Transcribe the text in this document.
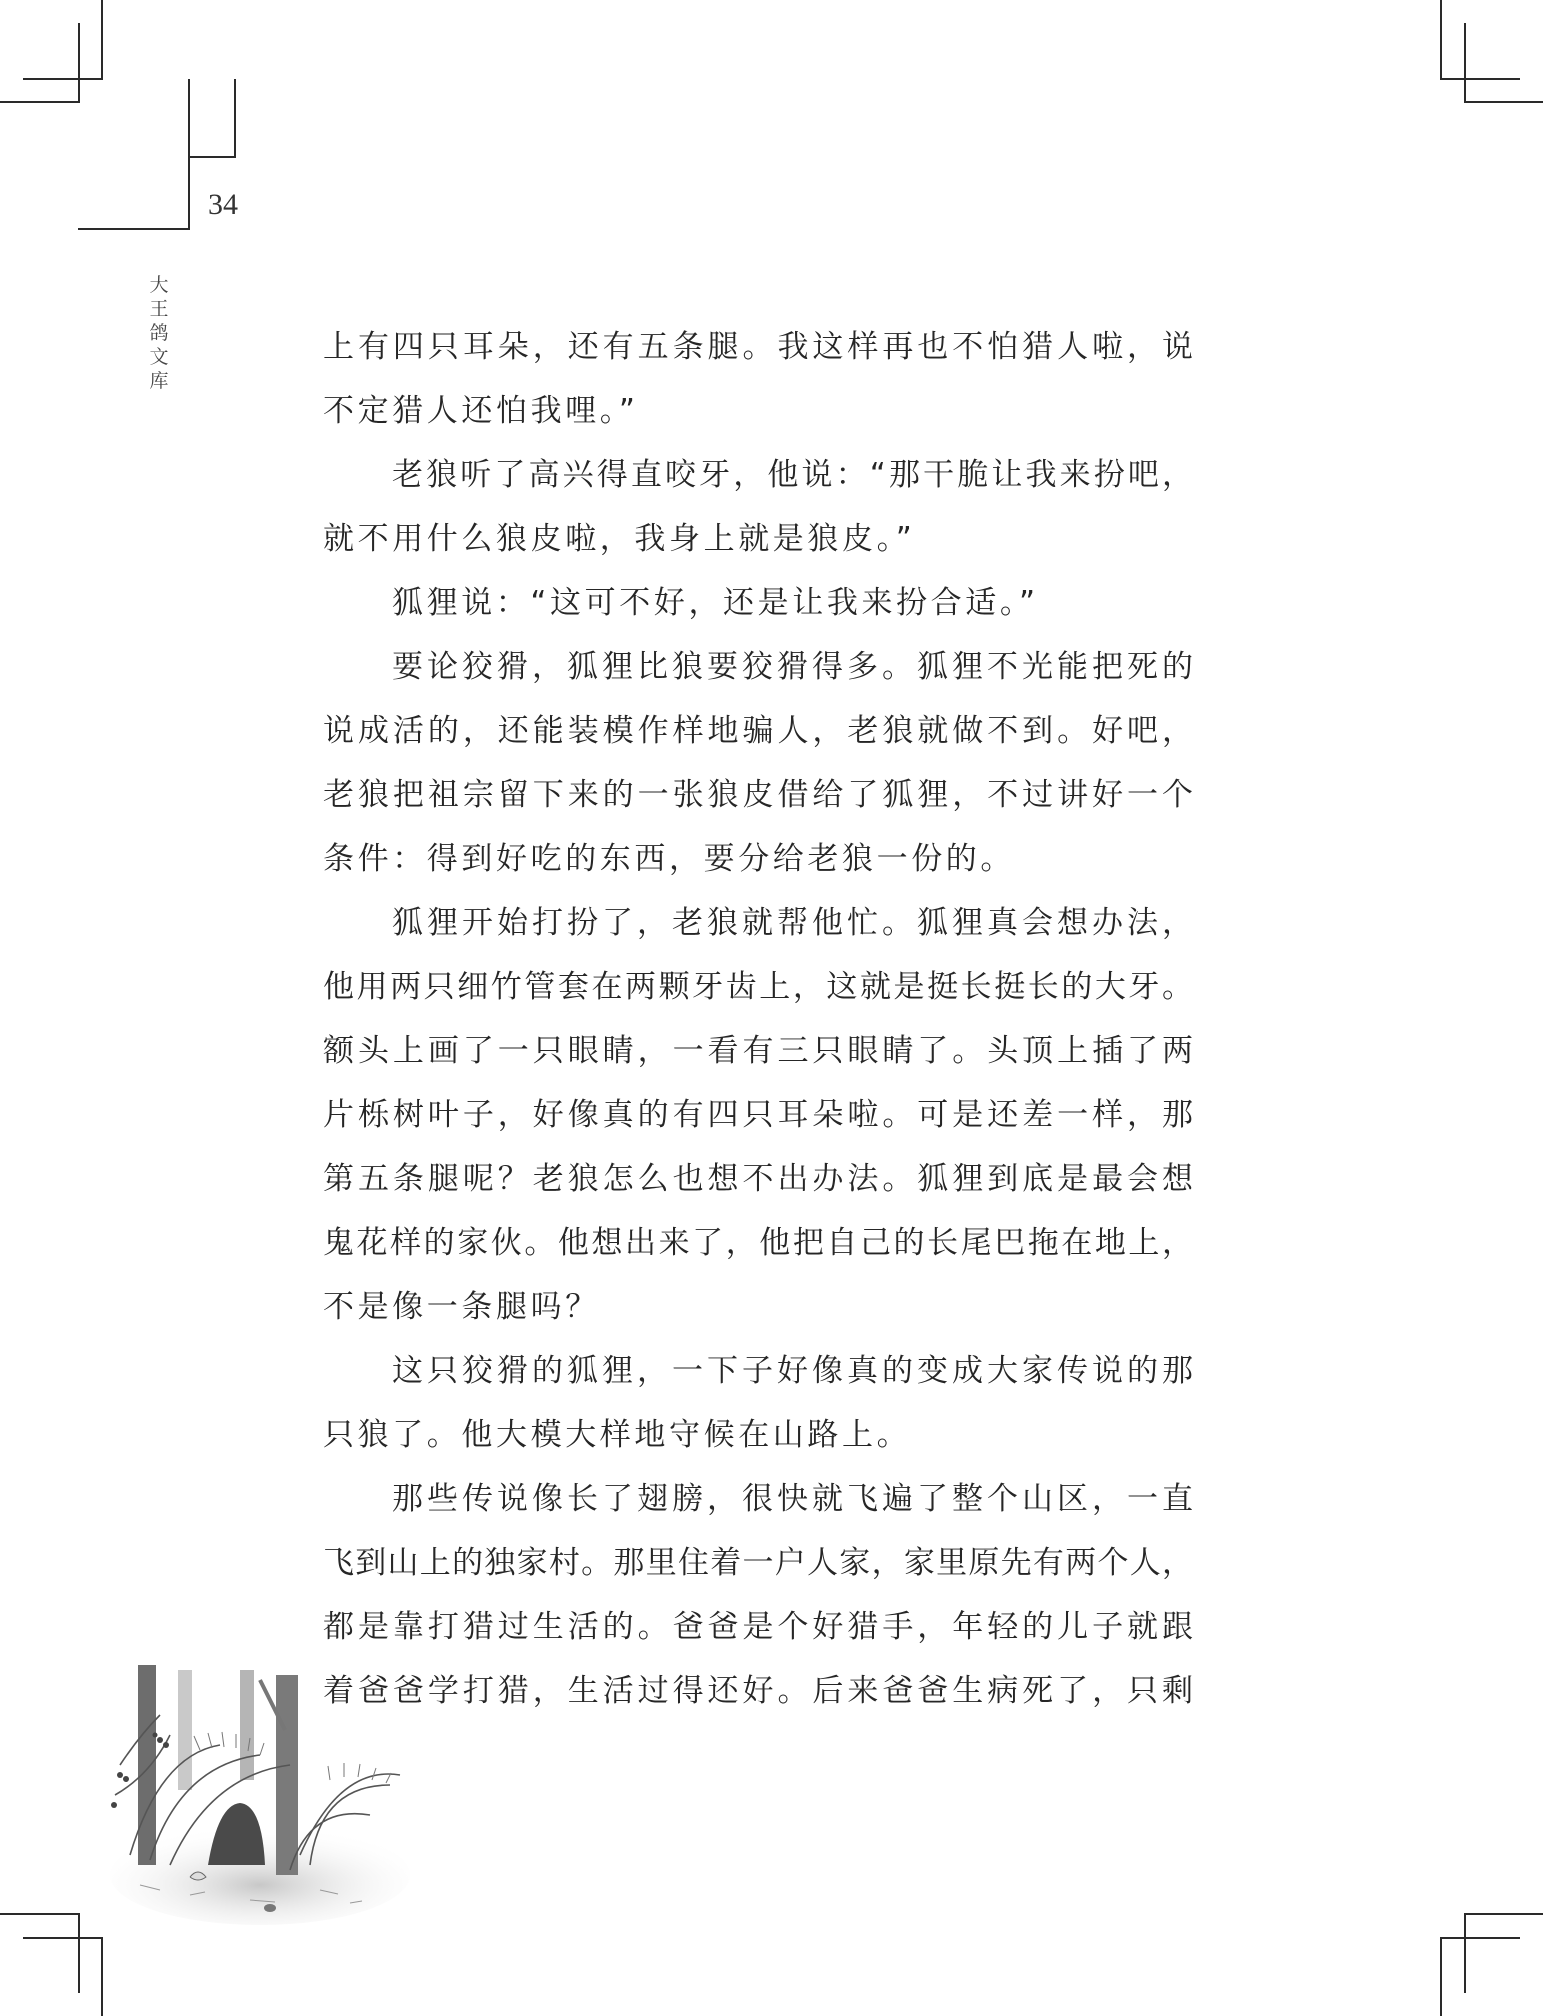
34
大王鸽文库
上有四只耳朵，还有五条腿。我这样再也不怕猎人啦，说
不定猎人还怕我哩。”
老狼听了高兴得直咬牙，他说：“那干脆让我来扮吧，
就不用什么狼皮啦，我身上就是狼皮。”
狐狸说：“这可不好，还是让我来扮合适。”
要论狡猾，狐狸比狼要狡猾得多。狐狸不光能把死的
说成活的，还能装模作样地骗人，老狼就做不到。好吧，
老狼把祖宗留下来的一张狼皮借给了狐狸，不过讲好一个
条件：得到好吃的东西，要分给老狼一份的。
狐狸开始打扮了，老狼就帮他忙。狐狸真会想办法，
他用两只细竹管套在两颗牙齿上，这就是挺长挺长的大牙。
额头上画了一只眼睛，一看有三只眼睛了。头顶上插了两
片栎树叶子，好像真的有四只耳朵啦。可是还差一样，那
第五条腿呢？老狼怎么也想不出办法。狐狸到底是最会想
鬼花样的家伙。他想出来了，他把自己的长尾巴拖在地上，
不是像一条腿吗？
这只狡猾的狐狸，一下子好像真的变成大家传说的那
只狼了。他大模大样地守候在山路上。
那些传说像长了翅膀，很快就飞遍了整个山区，一直
飞到山上的独家村。那里住着一户人家，家里原先有两个人，
都是靠打猎过生活的。爸爸是个好猎手，年轻的儿子就跟
着爸爸学打猎，生活过得还好。后来爸爸生病死了，只剩
